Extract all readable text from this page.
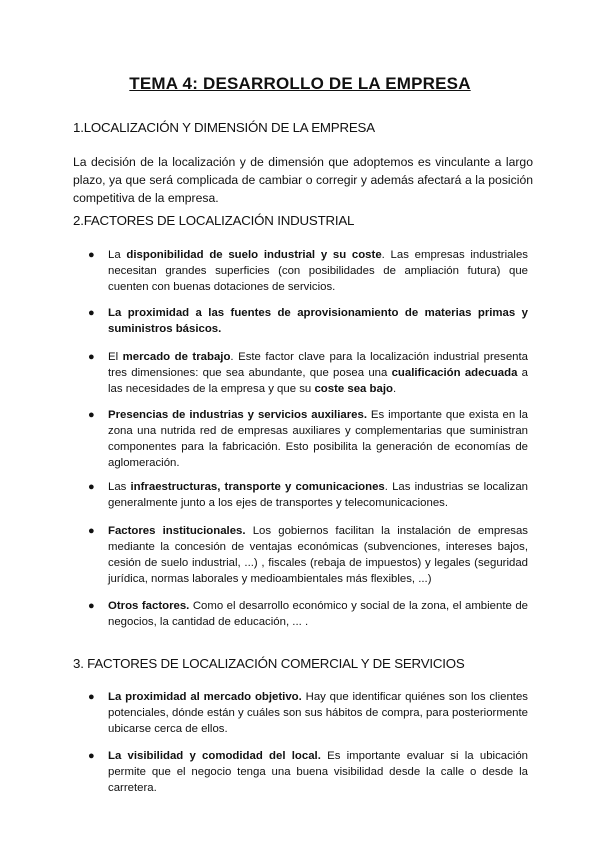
TEMA 4: DESARROLLO DE LA EMPRESA
1.LOCALIZACIÓN Y DIMENSIÓN DE LA EMPRESA
La decisión de la localización y de dimensión que adoptemos es vinculante a largo plazo, ya que será complicada de cambiar o corregir y además afectará a la posición competitiva de la empresa.
2.FACTORES DE LOCALIZACIÓN INDUSTRIAL
● La disponibilidad de suelo industrial y su coste. Las empresas industriales necesitan grandes superficies (con posibilidades de ampliación futura) que cuenten con buenas dotaciones de servicios.
● La proximidad a las fuentes de aprovisionamiento de materias primas y suministros básicos.
● El mercado de trabajo. Este factor clave para la localización industrial presenta tres dimensiones: que sea abundante, que posea una cualificación adecuada a las necesidades de la empresa y que su coste sea bajo.
● Presencias de industrias y servicios auxiliares. Es importante que exista en la zona una nutrida red de empresas auxiliares y complementarias que suministran componentes para la fabricación. Esto posibilita la generación de economías de aglomeración.
● Las infraestructuras, transporte y comunicaciones. Las industrias se localizan generalmente junto a los ejes de transportes y telecomunicaciones.
● Factores institucionales. Los gobiernos facilitan la instalación de empresas mediante la concesión de ventajas económicas (subvenciones, intereses bajos, cesión de suelo industrial, ...) , fiscales (rebaja de impuestos) y legales (seguridad jurídica, normas laborales y medioambientales más flexibles, ...)
● Otros factores. Como el desarrollo económico y social de la zona, el ambiente de negocios, la cantidad de educación, ... .
3. FACTORES DE LOCALIZACIÓN COMERCIAL Y DE SERVICIOS
● La proximidad al mercado objetivo. Hay que identificar quiénes son los clientes potenciales, dónde están y cuáles son sus hábitos de compra, para posteriormente ubicarse cerca de ellos.
● La visibilidad y comodidad del local. Es importante evaluar si la ubicación permite que el negocio tenga una buena visibilidad desde la calle o desde la carretera.
